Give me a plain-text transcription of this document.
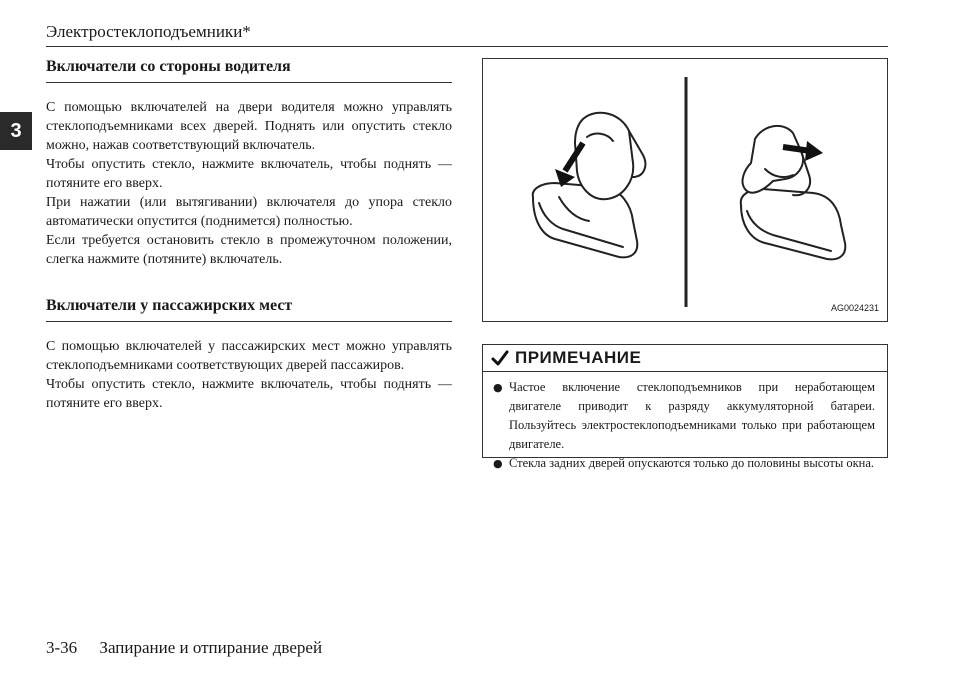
Электростеклоподъемники*
3
Включатели со стороны водителя

С помощью включателей на двери водителя можно управлять стеклоподъемниками всех дверей. Поднять или опустить стекло можно, нажав соответствующий включатель.

Чтобы опустить стекло, нажмите включатель, чтобы поднять — потяните его вверх.

При нажатии (или вытягивании) включателя до упора стекло автоматически опустится (поднимется) полностью.

Если требуется остановить стекло в промежуточном положении, слегка нажмите (потяните) включатель.

Включатели у пассажирских мест

С помощью включателей у пассажирских мест можно управлять стеклоподъемниками соответствующих дверей пассажиров.

Чтобы опустить стекло, нажмите включатель, чтобы поднять — потяните его вверх.

AG0024231
ПРИМЕЧАНИЕ
● Частое включение стеклоподъемников при неработающем двигателе приводит к разряду аккумуляторной батареи. Пользуйтесь электростеклоподъемниками только при работающем двигателе.
● Стекла задних дверей опускаются только до половины высоты окна.
3-36 Запирание и отпирание дверей
